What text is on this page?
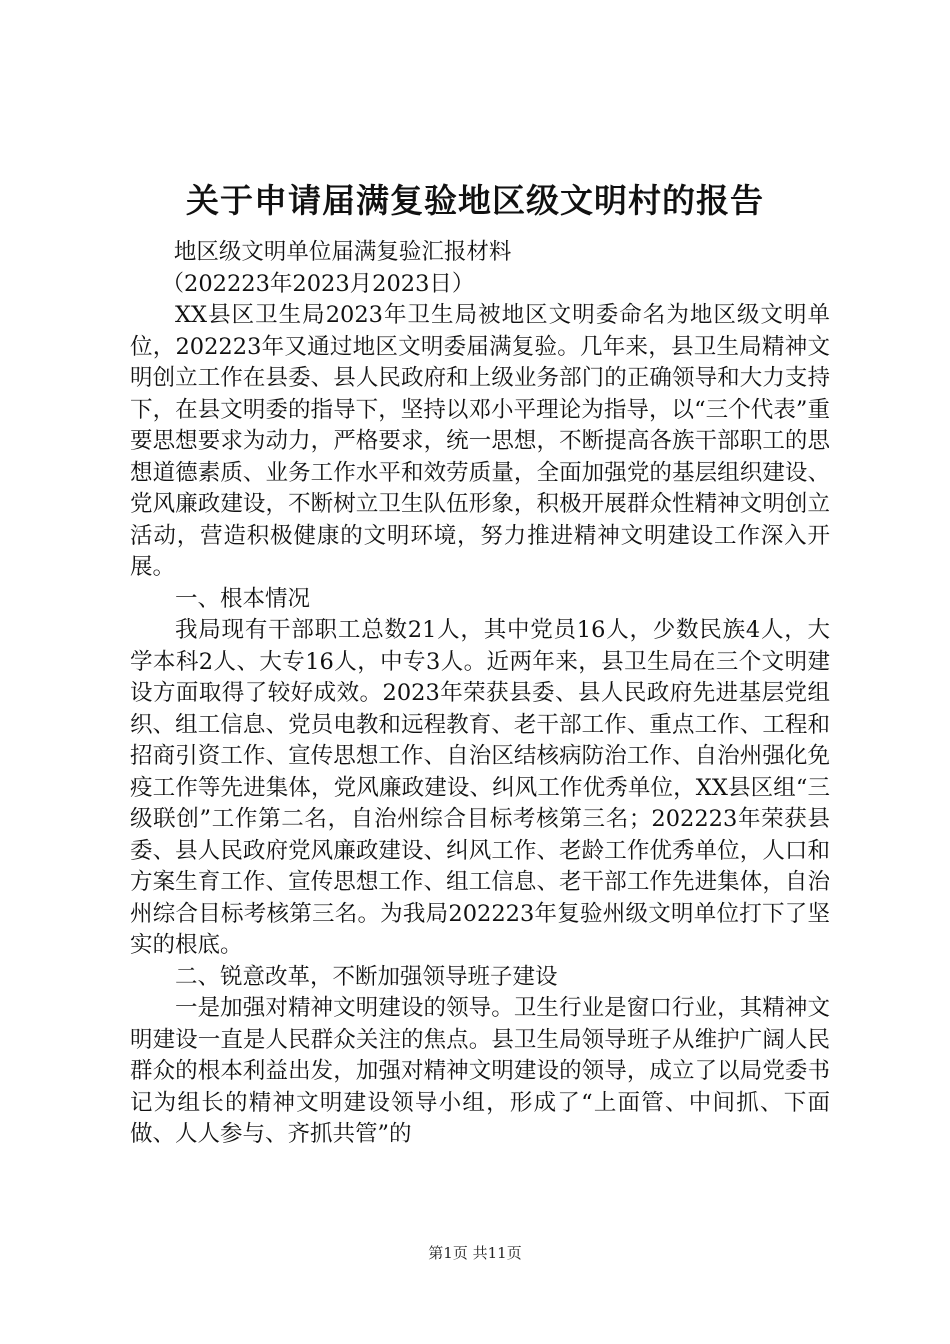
关于申请届满复验地区级文明村的报告

地区级文明单位届满复验汇报材料

（202223年2023月2023日）

XX县区卫生局2023年卫生局被地区文明委命名为地区级文明单位，202223年又通过地区文明委届满复验。几年来，县卫生局精神文明创立工作在县委、县人民政府和上级业务部门的正确领导和大力支持下，在县文明委的指导下，坚持以邓小平理论为指导，以“三个代表”重要思想要求为动力，严格要求，统一思想，不断提高各族干部职工的思想道德素质、业务工作水平和效劳质量，全面加强党的基层组织建设、党风廉政建设，不断树立卫生队伍形象，积极开展群众性精神文明创立活动，营造积极健康的文明环境，努力推进精神文明建设工作深入开展。

一、根本情况

我局现有干部职工总数21人，其中党员16人，少数民族4人，大学本科2人、大专16人，中专3人。近两年来，县卫生局在三个文明建设方面取得了较好成效。2023年荣获县委、县人民政府先进基层党组织、组工信息、党员电教和远程教育、老干部工作、重点工作、工程和招商引资工作、宣传思想工作、自治区结核病防治工作、自治州强化免疫工作等先进集体，党风廉政建设、纠风工作优秀单位，XX县区组“三级联创”工作第二名，自治州综合目标考核第三名；202223年荣获县委、县人民政府党风廉政建设、纠风工作、老龄工作优秀单位，人口和方案生育工作、宣传思想工作、组工信息、老干部工作先进集体，自治州综合目标考核第三名。为我局202223年复验州级文明单位打下了坚实的根底。

二、锐意改革，不断加强领导班子建设

一是加强对精神文明建设的领导。卫生行业是窗口行业，其精神文明建设一直是人民群众关注的焦点。县卫生局领导班子从维护广阔人民群众的根本利益出发，加强对精神文明建设的领导，成立了以局党委书记为组长的精神文明建设领导小组，形成了“上面管、中间抓、下面做、人人参与、齐抓共管”的

第1页 共11页
